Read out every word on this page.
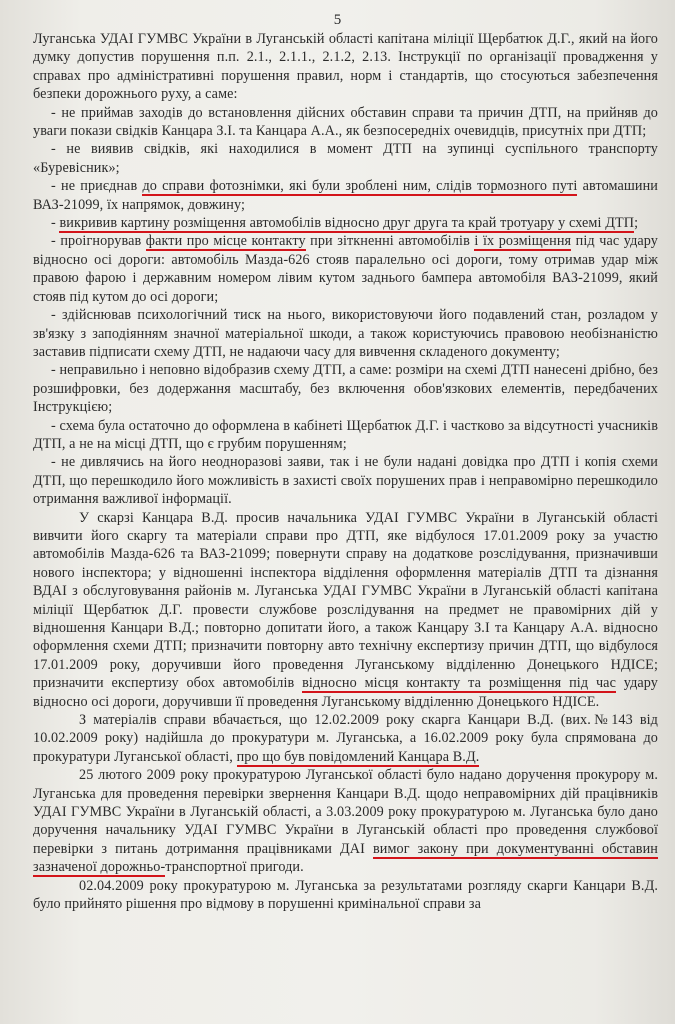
5

Луганська УДАІ ГУМВС України в Луганській області капітана міліції Щербатюк Д.Г., який на його думку допустив порушення п.п. 2.1., 2.1.1., 2.1.2, 2.13. Інструкції по організації провадження у справах про адміністративні порушення правил, норм і стандартів, що стосуються забезпечення безпеки дорожнього руху, а саме:

- не приймав заходів до встановлення дійсних обставин справи та причин ДТП, на прийняв до уваги покази свідків Канцара З.І. та Канцара А.А., як безпосередніх очевидців, присутніх при ДТП;

- не виявив свідків, які находилися в момент ДТП на зупинці суспільного транспорту «Буревісник»;

- не приєднав до справи фотознімки, які були зроблені ним, слідів тормозного путі автомашини ВАЗ-21099, їх напрямок, довжину;

- викривив картину розміщення автомобілів відносно друг друга та край тротуару у схемі ДТП;

- проігнорував факти про місце контакту при зіткненні автомобілів і їх розміщення під час удару відносно осі дороги: автомобіль Мазда-626 стояв паралельно осі дороги, тому отримав удар між правою фарою і державним номером лівим кутом заднього бампера автомобіля ВАЗ-21099, який стояв під кутом до осі дороги;

- здійснював психологічний тиск на нього, використовуючи його подавлений стан, розладом у зв'язку з заподіянням значної матеріальної шкоди, а також користуючись правовою необізнаністю заставив підписати схему ДТП, не надаючи часу для вивчення складеного документу;

- неправильно і неповно відобразив схему ДТП, а саме: розміри на схемі ДТП нанесені дрібно, без розшифровки, без додержання масштабу, без включення обов'язкових елементів, передбачених Інструкцією;

- схема була остаточно до оформлена в кабінеті Щербатюк Д.Г. і частково за відсутності учасників ДТП, а не на місці ДТП, що є грубим порушенням;

- не дивлячись на його неодноразові заяви, так і не були надані довідка про ДТП і копія схеми ДТП, що перешкодило його можливість в захисті своїх порушених прав і неправомірно перешкодило отримання важливої інформації.

У скарзі Канцара В.Д. просив начальника УДАІ ГУМВС України в Луганській області вивчити його скаргу та матеріали справи про ДТП, яке відбулося 17.01.2009 року за участю автомобілів Мазда-626 та ВАЗ-21099; повернути справу на додаткове розслідування, призначивши нового інспектора; у відношенні інспектора відділення оформлення матеріалів ДТП та дізнання ВДАІ з обслуговування районів м. Луганська УДАІ ГУМВС України в Луганській області капітана міліції Щербатюк Д.Г. провести службове розслідування на предмет не правомірних дій у відношення Канцари В.Д.; повторно допитати його, а також Канцару З.І та Канцару А.А. відносно оформлення схеми ДТП; призначити повторну авто технічну експертизу причин ДТП, що відбулося 17.01.2009 року, доручивши його проведення Луганському відділенню Донецького НДІСЕ; призначити експертизу обох автомобілів відносно місця контакту та розміщення під час удару відносно осі дороги, доручивши її проведення Луганському відділенню Донецького НДІСЕ.

З матеріалів справи вбачається, що 12.02.2009 року скарга Канцари В.Д. (вих.№143 від 10.02.2009 року) надійшла до прокуратури м. Луганська, а 16.02.2009 року була спрямована до прокуратури Луганської області, про що був повідомлений Канцара В.Д.

25 лютого 2009 року прокуратурою Луганської області було надано доручення прокурору м. Луганська для проведення перевірки звернення Канцари В.Д. щодо неправомірних дій працівників УДАІ ГУМВС України в Луганській області, а 3.03.2009 року прокуратурою м. Луганська було дано доручення начальнику УДАІ ГУМВС України в Луганській області про проведення службової перевірки з питань дотримання працівниками ДАІ вимог закону при документуванні обставин зазначеної дорожньо-транспортної пригоди.

02.04.2009 року прокуратурою м. Луганська за результатами розгляду скарги Канцари В.Д. було прийнято рішення про відмову в порушенні кримінальної справи за
